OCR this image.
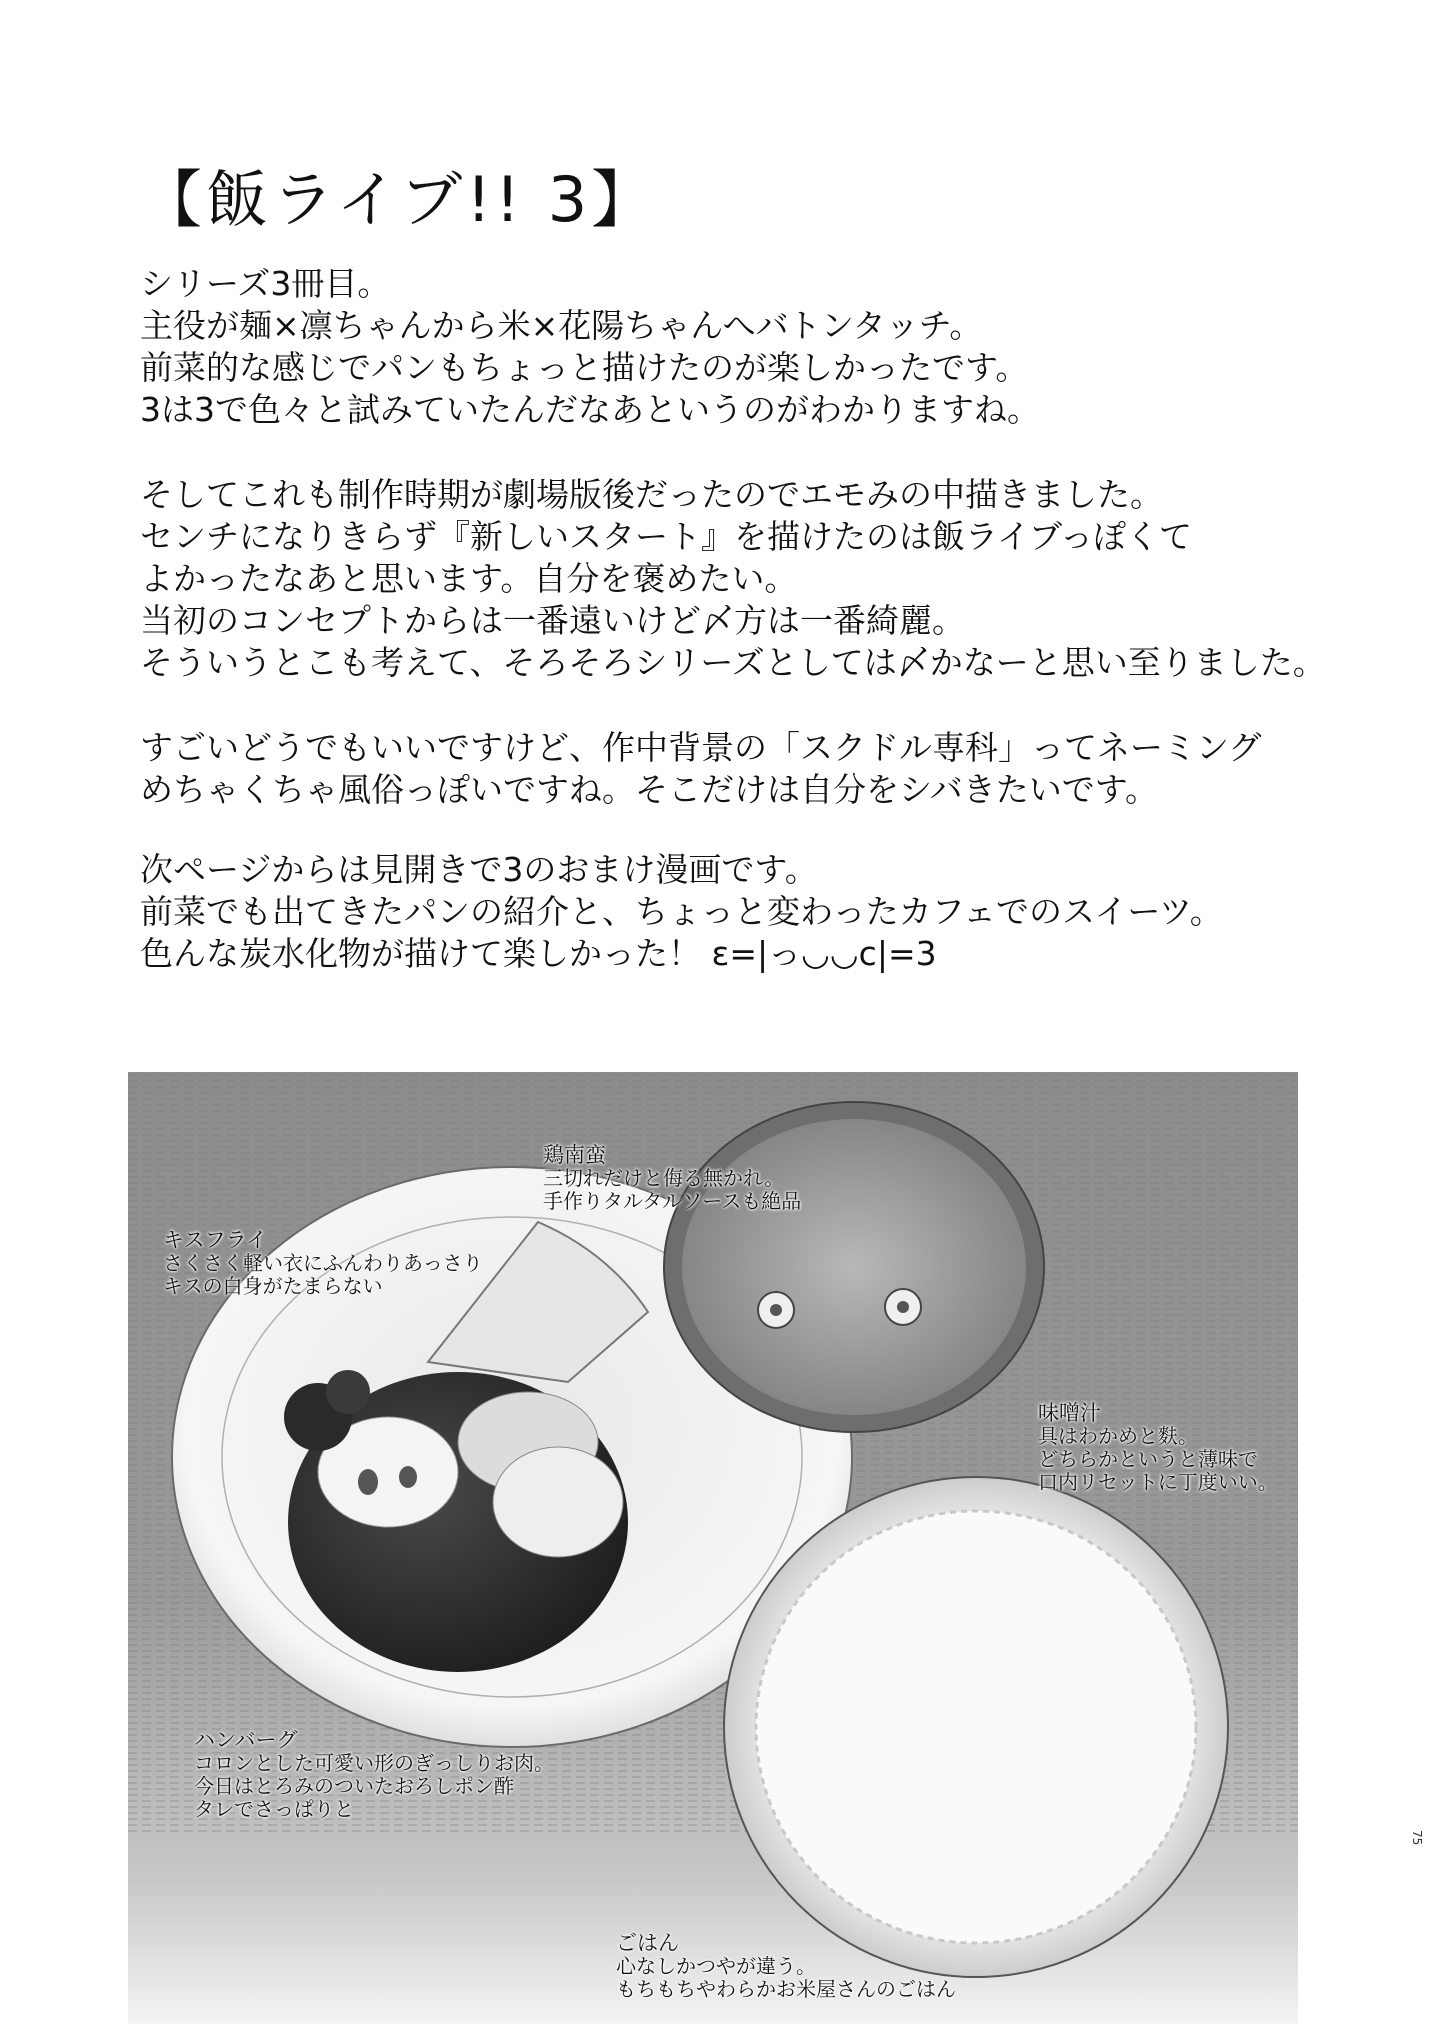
【飯ライブ!! 3】
シリーズ3冊目。
主役が麺×凛ちゃんから米×花陽ちゃんへバトンタッチ。
前菜的な感じでパンもちょっと描けたのが楽しかったです。
3は3で色々と試みていたんだなあというのがわかりますね。
そしてこれも制作時期が劇場版後だったのでエモみの中描きました。
センチになりきらず『新しいスタート』を描けたのは飯ライブっぽくて
よかったなあと思います。自分を褒めたい。
当初のコンセプトからは一番遠いけど〆方は一番綺麗。
そういうとこも考えて、そろそろシリーズとしては〆かなーと思い至りました。
すごいどうでもいいですけど、作中背景の「スクドル専科」ってネーミング
めちゃくちゃ風俗っぽいですね。そこだけは自分をシバきたいです。
次ページからは見開きで3のおまけ漫画です。
前菜でも出てきたパンの紹介と、ちょっと変わったカフェでのスイーツ。
色んな炭水化物が描けて楽しかった！ ε=|っ◡◡c|=3
鶏南蛮
三切れだけと侮る無かれ。
手作りタルタルソースも絶品
キスフライ
さくさく軽い衣にふんわりあっさり
キスの白身がたまらない
味噌汁
具はわかめと麩。
どちらかというと薄味で
口内リセットに丁度いい。
ハンバーグ
コロンとした可愛い形のぎっしりお肉。
今日はとろみのついたおろしポン酢
タレでさっぱりと
ごはん
心なしかつやが違う。
もちもちやわらかお米屋さんのごはん
75
